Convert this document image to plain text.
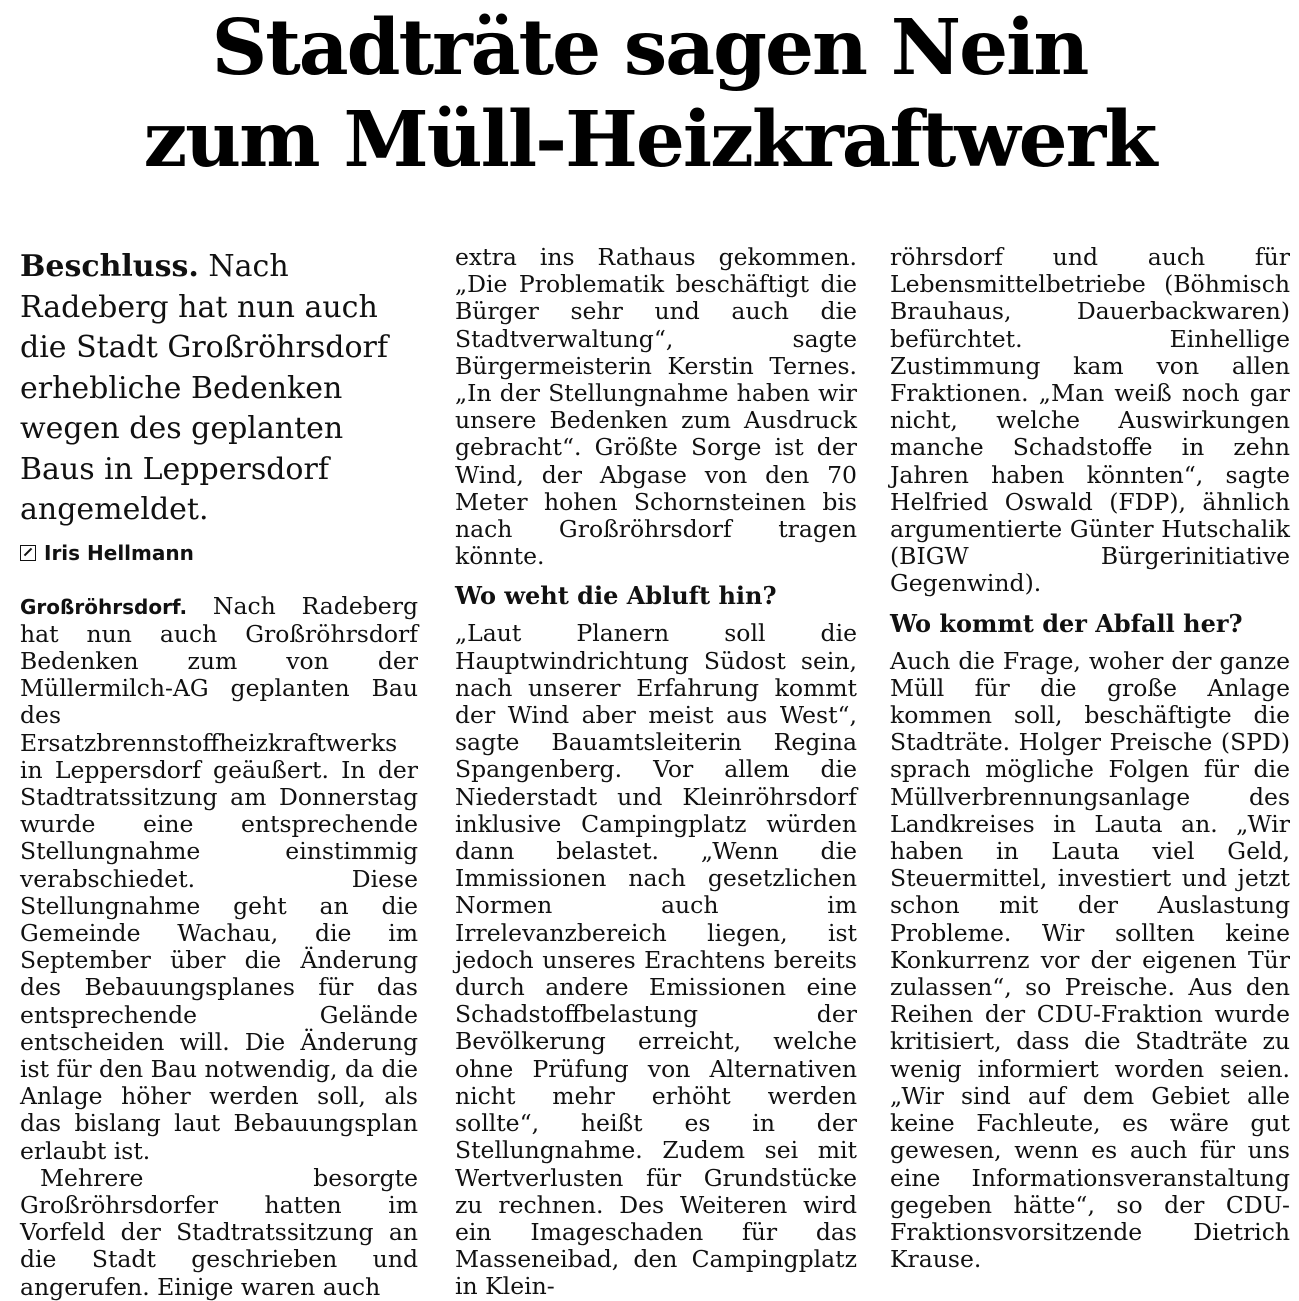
Stadträte sagen Nein
zum Müll-Heizkraftwerk

Beschluss. Nach Radeberg hat nun auch die Stadt Großröhrsdorf erhebliche Bedenken wegen des geplanten Baus in Leppersdorf angemeldet.

Iris Hellmann

Großröhrsdorf. Nach Radeberg hat nun auch Großröhrsdorf Bedenken zum von der Müllermilch-AG geplanten Bau des Ersatzbrennstoffheizkraftwerks in Leppersdorf geäußert. In der Stadtratssitzung am Donnerstag wurde eine entsprechende Stellungnahme einstimmig verabschiedet. Diese Stellungnahme geht an die Gemeinde Wachau, die im September über die Änderung des Bebauungsplanes für das entsprechende Gelände entscheiden will. Die Änderung ist für den Bau notwendig, da die Anlage höher werden soll, als das bislang laut Bebauungsplan erlaubt ist.

Mehrere besorgte Großröhrsdorfer hatten im Vorfeld der Stadtratssitzung an die Stadt geschrieben und angerufen. Einige waren auch

extra ins Rathaus gekommen. „Die Problematik beschäftigt die Bürger sehr und auch die Stadtverwaltung“, sagte Bürgermeisterin Kerstin Ternes. „In der Stellungnahme haben wir unsere Bedenken zum Ausdruck gebracht“. Größte Sorge ist der Wind, der Abgase von den 70 Meter hohen Schornsteinen bis nach Großröhrsdorf tragen könnte.

Wo weht die Abluft hin?

„Laut Planern soll die Hauptwindrichtung Südost sein, nach unserer Erfahrung kommt der Wind aber meist aus West“, sagte Bauamtsleiterin Regina Spangenberg. Vor allem die Niederstadt und Kleinröhrsdorf inklusive Campingplatz würden dann belastet. „Wenn die Immissionen nach gesetzlichen Normen auch im Irrelevanzbereich liegen, ist jedoch unseres Erachtens bereits durch andere Emissionen eine Schadstoffbelastung der Bevölkerung erreicht, welche ohne Prüfung von Alternativen nicht mehr erhöht werden sollte“, heißt es in der Stellungnahme. Zudem sei mit Wertverlusten für Grundstücke zu rechnen. Des Weiteren wird ein Imageschaden für das Masseneibad, den Campingplatz in Klein-

röhrsdorf und auch für Lebensmittelbetriebe (Böhmisch Brauhaus, Dauerbackwaren) befürchtet. Einhellige Zustimmung kam von allen Fraktionen. „Man weiß noch gar nicht, welche Auswirkungen manche Schadstoffe in zehn Jahren haben könnten“, sagte Helfried Oswald (FDP), ähnlich argumentierte Günter Hutschalik (BIGW Bürgerinitiative Gegenwind).

Wo kommt der Abfall her?

Auch die Frage, woher der ganze Müll für die große Anlage kommen soll, beschäftigte die Stadträte. Holger Preische (SPD) sprach mögliche Folgen für die Müllverbrennungsanlage des Landkreises in Lauta an. „Wir haben in Lauta viel Geld, Steuermittel, investiert und jetzt schon mit der Auslastung Probleme. Wir sollten keine Konkurrenz vor der eigenen Tür zulassen“, so Preische. Aus den Reihen der CDU-Fraktion wurde kritisiert, dass die Stadträte zu wenig informiert worden seien. „Wir sind auf dem Gebiet alle keine Fachleute, es wäre gut gewesen, wenn es auch für uns eine Informationsveranstaltung gegeben hätte“, so der CDU-Fraktionsvorsitzende Dietrich Krause.
